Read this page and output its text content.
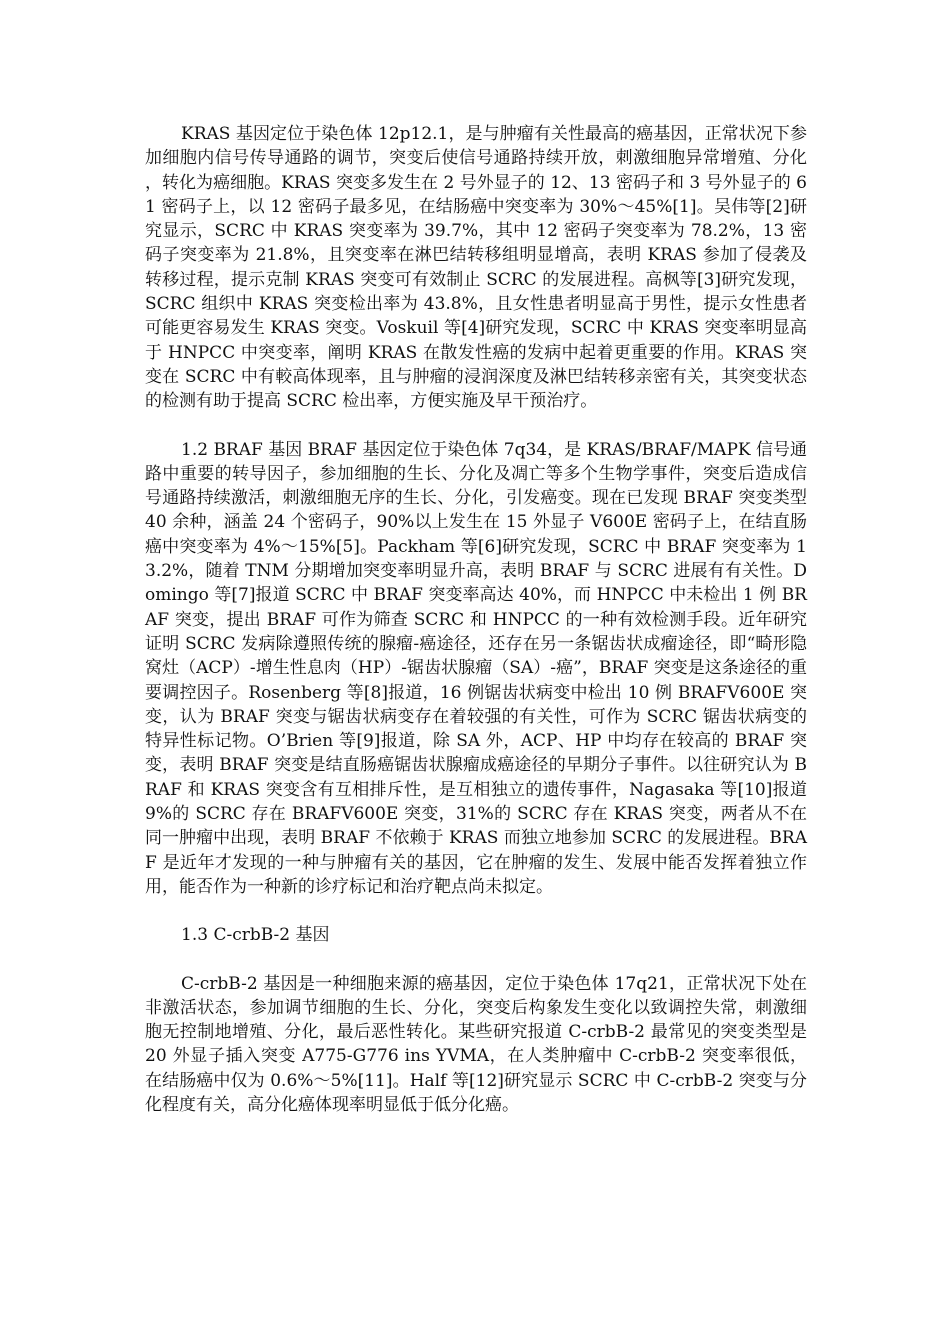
KRAS 基因定位于染色体 12p12.1，是与肿瘤有关性最高的癌基因，正常状况下参加细胞内信号传导通路的调节，突变后使信号通路持续开放，刺激细胞异常增殖、分化，转化为癌细胞。KRAS 突变多发生在 2 号外显子的 12、13 密码子和 3 号外显子的 61 密码子上，以 12 密码子最多见，在结肠癌中突变率为 30%～45%[1]。吴伟等[2]研究显示，SCRC 中 KRAS 突变率为 39.7%，其中 12 密码子突变率为 78.2%，13 密码子突变率为 21.8%，且突变率在淋巴结转移组明显增高，表明 KRAS 参加了侵袭及转移过程，提示克制 KRAS 突变可有效制止 SCRC 的发展进程。高枫等[3]研究发现，SCRC 组织中 KRAS 突变检出率为 43.8%，且女性患者明显高于男性，提示女性患者可能更容易发生 KRAS 突变。Voskuil 等[4]研究发现，SCRC 中 KRAS 突变率明显高于 HNPCC 中突变率，阐明 KRAS 在散发性癌的发病中起着更重要的作用。KRAS 突变在 SCRC 中有較高体现率，且与肿瘤的浸润深度及淋巴结转移亲密有关，其突变状态的检测有助于提高 SCRC 检出率，方便实施及早干预治疗。

1.2 BRAF 基因 BRAF 基因定位于染色体 7q34，是 KRAS/BRAF/MAPK 信号通路中重要的转导因子，参加细胞的生长、分化及凋亡等多个生物学事件，突变后造成信号通路持续激活，刺激细胞无序的生长、分化，引发癌变。现在已发现 BRAF 突变类型 40 余种，涵盖 24 个密码子，90%以上发生在 15 外显子 V600E 密码子上，在结直肠癌中突变率为 4%～15%[5]。Packham 等[6]研究发现，SCRC 中 BRAF 突变率为 13.2%，随着 TNM 分期增加突变率明显升高，表明 BRAF 与 SCRC 进展有有关性。Domingo 等[7]报道 SCRC 中 BRAF 突变率高达 40%，而 HNPCC 中未检出 1 例 BRAF 突变，提出 BRAF 可作为筛查 SCRC 和 HNPCC 的一种有效检测手段。近年研究证明 SCRC 发病除遵照传统的腺瘤-癌途径，还存在另一条锯齿状成瘤途径，即“畸形隐窝灶（ACP）-增生性息肉（HP）-锯齿状腺瘤（SA）-癌”，BRAF 突变是这条途径的重要调控因子。Rosenberg 等[8]报道，16 例锯齿状病变中检出 10 例 BRAFV600E 突变，认为 BRAF 突变与锯齿状病变存在着较强的有关性，可作为 SCRC 锯齿状病变的特异性标记物。O’Brien 等[9]报道，除 SA 外，ACP、HP 中均存在较高的 BRAF 突变，表明 BRAF 突变是结直肠癌锯齿状腺瘤成癌途径的早期分子事件。以往研究认为 BRAF 和 KRAS 突变含有互相排斥性，是互相独立的遗传事件，Nagasaka 等[10]报道 9%的 SCRC 存在 BRAFV600E 突变，31%的 SCRC 存在 KRAS 突变，两者从不在同一肿瘤中出现，表明 BRAF 不依赖于 KRAS 而独立地参加 SCRC 的发展进程。BRAF 是近年才发现的一种与肿瘤有关的基因，它在肿瘤的发生、发展中能否发挥着独立作用，能否作为一种新的诊疗标记和治疗靶点尚未拟定。

1.3 C-crbB-2 基因

C-crbB-2 基因是一种细胞来源的癌基因，定位于染色体 17q21，正常状况下处在非激活状态，参加调节细胞的生长、分化，突变后构象发生变化以致调控失常，刺激细胞无控制地增殖、分化，最后恶性转化。某些研究报道 C-crbB-2 最常见的突变类型是 20 外显子插入突变 A775-G776 ins YVMA，在人类肿瘤中 C-crbB-2 突变率很低，在结肠癌中仅为 0.6%～5%[11]。Half 等[12]研究显示 SCRC 中 C-crbB-2 突变与分化程度有关，高分化癌体现率明显低于低分化癌。
